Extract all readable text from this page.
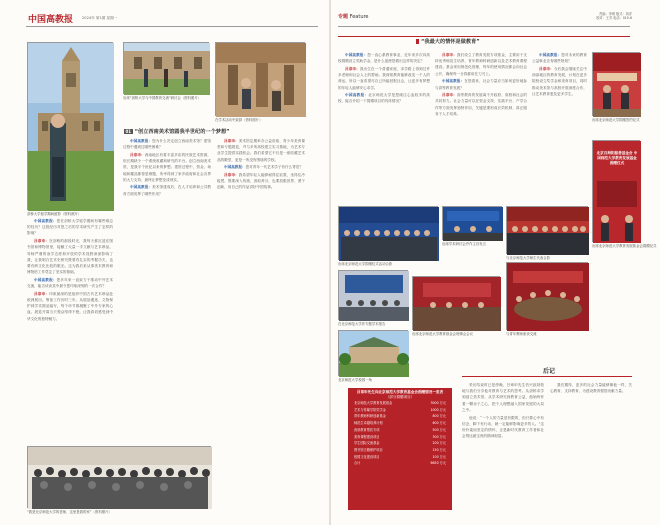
中国高教报 2024年 第1期 星期一
剑桥大学留学期间留影（资料照片）
出席“剑桥大学与中国教育交流”研讨会（资料照片）
在学术活动中致辞（资料照片）
01 “创立西南美术馆圆我半世纪的一个梦想”

中国高教报：您在剑桥大学留学期间有哪些难忘的经历？这段经历对您之后的学术研究产生了怎样的影响？

吕章申：在剑桥的那段时光，我每天都沉浸在图书馆和博物馆里，接触了大量一手文献与艺术珍品。导师严谨的治学态度和开放的学术视野深深影响了我，让我明白艺术史研究既要有扎实的考据功夫，也要有跨文化比较的眼光。这为我后来从事美术教育和博物馆工作奠定了坚实的基础。

中国高教报：您多年来一直致力于推动中外艺术交流，能否谈谈其中最令您印象深刻的一次合作？

吕章申：印象最深的是组织中国古代艺术珍品赴欧洲展出。筹备工作历时三年，从展品遴选、文物保护到学术图录编写，每个环节都凝聚了中外专家的心血。展览开幕当天观众络绎不绝，让我真切感受到中华文化的独特魅力。

中国高教报：您为什么决定创立西南美术馆？建馆过程中遇到过哪些困难？

吕章申：西南地区有着丰富多彩的民族艺术资源，但长期缺少一个系统收藏和研究的平台。创立西南美术馆，是我半个世纪以来的梦想。建馆过程中，资金、场地和藏品都曾是难题，所幸得到了家乡政府和社会各界的大力支持，最终让梦想变成现实。

中国高教报：美术馆建成后，在人才培养和公共教育方面发挥了哪些作用？

吕章申：美术馆定期举办公益讲座、青少年美育课堂和专题展览，并与多所高校建立实习基地，为艺术专业学生提供实践机会。我们希望它不仅是一座收藏艺术品的殿堂，更是一所没有围墙的学校。

中国高教报：您对青年一代艺术学子有什么寄语？

吕章申：我希望年轻人能够耐得住寂寞，坐得住冷板凳，既要深入传统、汲取养分，也要放眼世界、勇于创新，用自己的作品讲好中国故事。

“我是北京师范大学的老师，这里是我的家”（资料照片）
专题 Feature	责编：李明 版式：刘洋
校对：王芳 电话：010-6
“我最大的情怀是做教育”

中国高教报：您一直心系教育事业，近年来多次向高校捐赠设立奖助学金，是什么促使您做出这样的决定？

吕章申：我出生在一个普通家庭，求学路上得到过许多老师和社会人士的帮助。我深知教育能够改变一个人的命运，所以一直希望尽自己所能回报社会，让更多有梦想的年轻人能够安心求学。

中国高教报：北京师范大学是您倾注心血较多的高校，能否介绍一下捐赠项目的具体情况？

吕章申：我们设立了教育发展专项基金，主要用于支持优秀师范生培养、青年教师科研创新以及艺术教育课程建设。基金采用规范化管理，每年的使用情况都会向社会公开，确保每一分钱都用在刀刃上。

中国高教报：在您看来，社会力量应当如何更好地参与高等教育发展？

吕章申：高等教育的发展离不开政府、高校和社会的共同努力。社会力量可以在资金支持、实践平台、产学合作等方面发挥独特作用，关键是要形成长效机制，真正服务于人才培养。

中国高教报：您对未来的教育公益事业还有哪些规划？

吕章申：今后我会继续关注中西部地区的教育发展，计划在更多院校设立奖学金和美育项目，同时推动美术馆与高校开展深度合作，让艺术教育惠及更多学生。

出席北京师范大学捐赠签约仪式
北京百海阳慈善基金会 中国师范大学教育发展基金 捐赠仪式
出席北京师范大学教育发展基金会捐赠仪式
出席北京师范大学捐赠仪式活动合影
出席学术研讨会并作主旨发言
与北京师范大学师生代表合影
在北京师范大学作专题学术报告
出席北京师范大学教育基金会理事会会议	与青年教师座谈交流
北京师范大学校园一角
吕章申先生向北京师范大学教育基金会捐赠情况一览表
（部分捐赠项目）
北京师范大学教育发展基金	3000 万元
艺术与传媒学院奖学金	1000 万元
青年教师科研创新基金	800 万元
师范生卓越培养计划	600 万元
西部教育帮扶专项	500 万元
美育课程建设项目	300 万元
学生国际交流基金	200 万元
图书馆古籍保护项目	150 万元
校园文化建设项目	100 万元
合计	6650 万元
后记

采访结束时已是傍晚，吕章申先生仍兴致勃勃地与我们分享他对教育与艺术的思考。从剑桥求学到创立美术馆，从学术研究到教育公益，他始终怀着一颗赤子之心，把个人理想融入国家发展的大局之中。

他说：“一个人的力量是有限的，但只要心中有信念、脚下有行动，就一定能够影响更多的人。”这份朴素而坚定的情怀，正是新时代教育工作者和社会贤达最宝贵的精神财富。

我们期待，更多的社会力量能够像他一样，关心教育、支持教育，为建设教育强国贡献力量。
